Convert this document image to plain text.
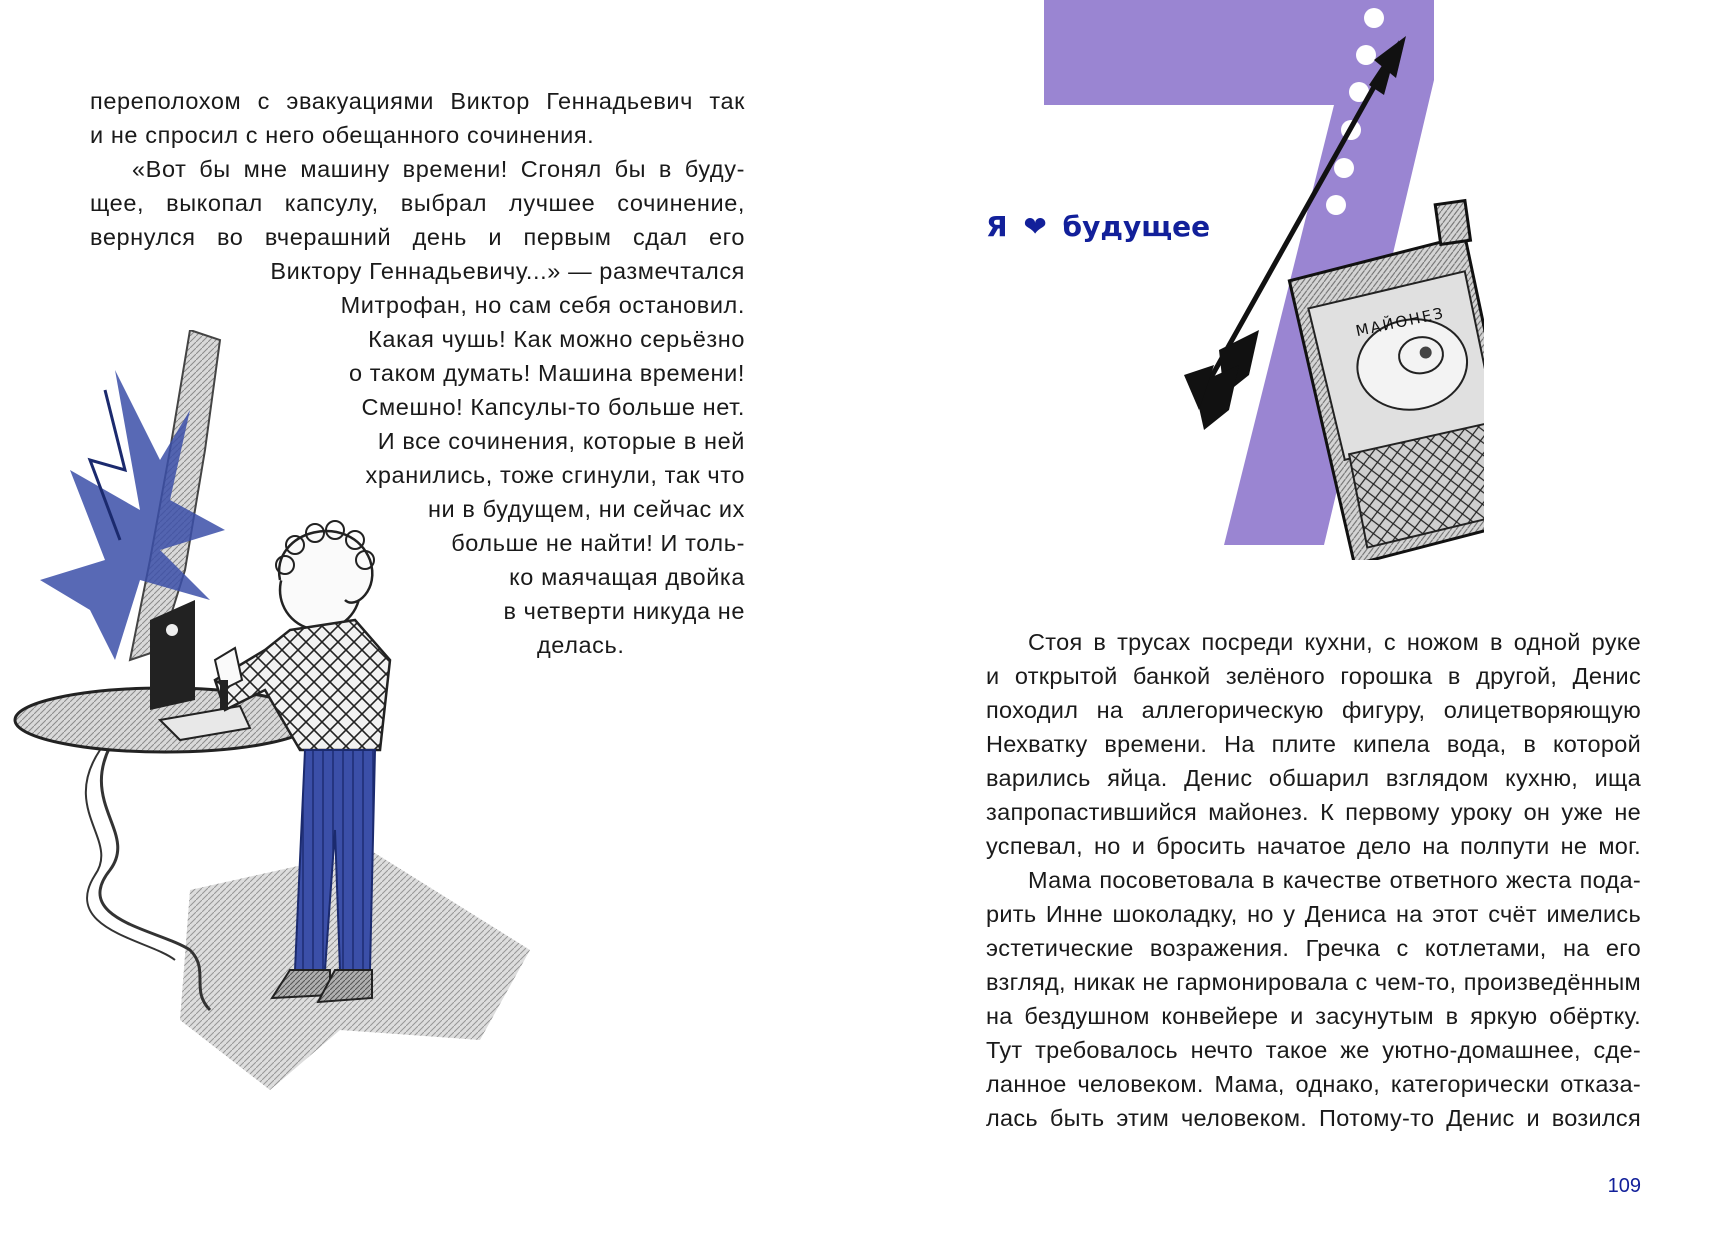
переполохом с эвакуациями Виктор Геннадьевич так
и не спросил с него обещанного сочинения.
«Вот бы мне машину времени! Сгонял бы в буду-
щее, выкопал капсулу, выбрал лучшее сочинение,
вернулся во вчерашний день и первым сдал его
Виктору Геннадьевичу...» — размечтался
Митрофан, но сам себя остановил.
Какая чушь! Как можно серьёзно
о таком думать! Машина времени!
Смешно! Капсулы-то больше нет.
И все сочинения, которые в ней
хранились, тоже сгинули, так что
ни в будущем, ни сейчас их
больше не найти! И толь-
ко маячащая двойка
в четверти никуда не
делась.
МАЙОНЕЗ
Я ❤ будущее
Стоя в трусах посреди кухни, с ножом в одной руке
и открытой банкой зелёного горошка в другой, Денис
походил на аллегорическую фигуру, олицетворяющую
Нехватку времени. На плите кипела вода, в которой
варились яйца. Денис обшарил взглядом кухню, ища
запропастившийся майонез. К первому уроку он уже не
успевал, но и бросить начатое дело на полпути не мог.
Мама посоветовала в качестве ответного жеста пода-
рить Инне шоколадку, но у Дениса на этот счёт имелись
эстетические возражения. Гречка с котлетами, на его
взгляд, никак не гармонировала с чем-то, произведённым
на бездушном конвейере и засунутым в яркую обёртку.
Тут требовалось нечто такое же уютно-домашнее, сде-
ланное человеком. Мама, однако, категорически отказа-
лась быть этим человеком. Потому-то Денис и возился
109
